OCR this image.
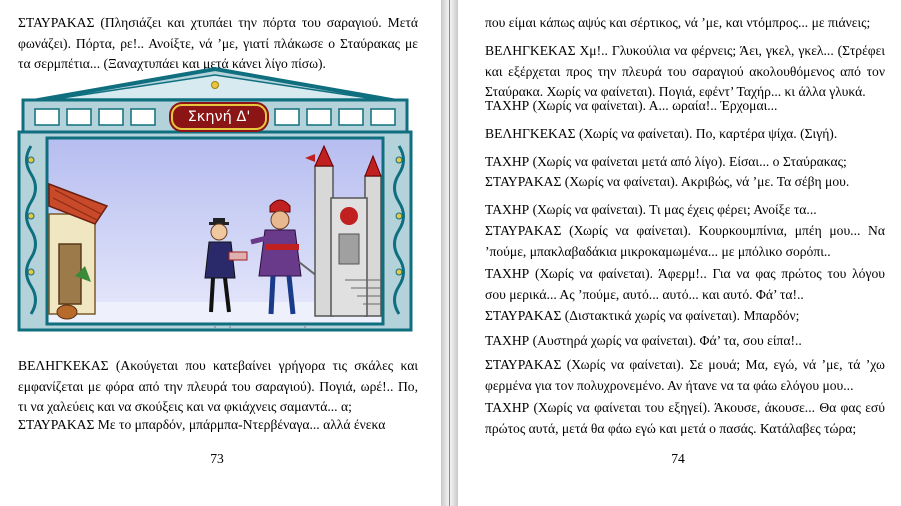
ΣΤΑΥΡΑΚΑΣ (Πλησιάζει και χτυπάει την πόρτα του σαραγιού. Μετά φωνάζει). Πόρτα, ρε!.. Ανοίξτε, νά ’με, γιατί πλάκωσε ο Σταύρακας με τα σερμπέτια... (Ξαναχτυπάει και μετά κάνει λίγο πίσω).

Σκηνή Δ'

ΒΕΛΗΓΚΕΚΑΣ (Ακούγεται που κατεβαίνει γρήγορα τις σκάλες και εμφανίζεται με φόρα από την πλευρά του σαραγιού). Πογιά, ωρέ!.. Πο, τι να χαλεύεις και να σκούξεις και να φκιάχνεις σαμαντά... α;

ΣΤΑΥΡΑΚΑΣ Με το μπαρδόν, μπάρμπα-Ντερβέναγα... αλλά ένεκα

73

που είμαι κάπως αψύς και σέρτικος, νά ’με, και ντόμπρος... με πιάνεις;

ΒΕΛΗΓΚΕΚΑΣ Χμ!.. Γλυκούλια να φέρνεις; Άει, γκελ, γκελ... (Στρέφει και εξέρχεται προς την πλευρά του σαραγιού ακολουθόμενος από τον Σταύρακα. Χωρίς να φαίνεται). Πογιά, εφέντ’ Ταχήρ... κι άλλα γλυκά.

ΤΑΧΗΡ (Χωρίς να φαίνεται). Α... ωραία!.. Έρχομαι...

ΒΕΛΗΓΚΕΚΑΣ (Χωρίς να φαίνεται). Πο, καρτέρα ψίχα. (Σιγή).

ΤΑΧΗΡ (Χωρίς να φαίνεται μετά από λίγο). Είσαι... ο Σταύρακας;

ΣΤΑΥΡΑΚΑΣ (Χωρίς να φαίνεται). Ακριβώς, νά ’με. Τα σέβη μου.

ΤΑΧΗΡ (Χωρίς να φαίνεται). Τι μας έχεις φέρει; Ανοίξε τα...

ΣΤΑΥΡΑΚΑΣ (Χωρίς να φαίνεται). Κουρκουμπίνια, μπέη μου... Να ’πούμε, μπακλαβαδάκια μικροκαμωμένα... με μπόλικο σορόπι..

ΤΑΧΗΡ (Χωρίς να φαίνεται). Άφερμ!.. Για να φας πρώτος του λόγου σου μερικά... Ας ’πούμε, αυτό... αυτό... και αυτό. Φά’ τα!..

ΣΤΑΥΡΑΚΑΣ (Διστακτικά χωρίς να φαίνεται). Μπαρδόν;

ΤΑΧΗΡ (Αυστηρά χωρίς να φαίνεται). Φά’ τα, σου είπα!..

ΣΤΑΥΡΑΚΑΣ (Χωρίς να φαίνεται). Σε μουά; Μα, εγώ, νά ’με, τά ’χω φερμένα για τον πολυχρονεμένο. Αν ήτανε να τα φάω ελόγου μου...

ΤΑΧΗΡ (Χωρίς να φαίνεται του εξηγεί). Άκουσε, άκουσε... Θα φας εσύ πρώτος αυτά, μετά θα φάω εγώ και μετά ο πασάς. Κατάλαβες τώρα;

74
